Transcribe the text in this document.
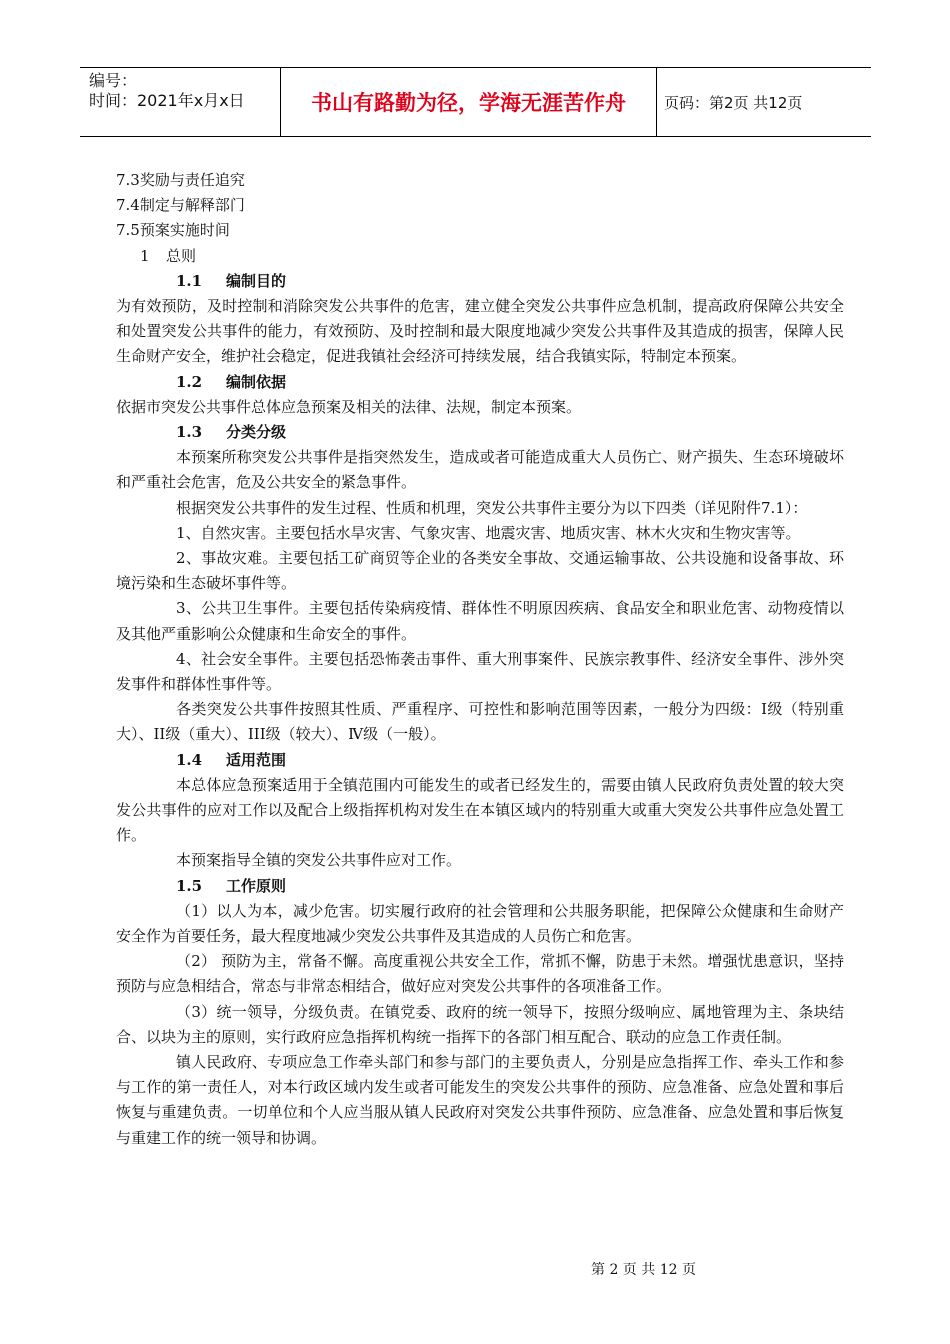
编号：
时间：2021年x月x日	书山有路勤为径，学海无涯苦作舟	页码：第2页 共12页
7.3奖励与责任追究
7.4制定与解释部门
7.5预案实施时间
1 总则
1.1 编制目的
为有效预防，及时控制和消除突发公共事件的危害，建立健全突发公共事件应急机制，提高政府保障公共安全和处置突发公共事件的能力，有效预防、及时控制和最大限度地减少突发公共事件及其造成的损害，保障人民生命财产安全，维护社会稳定，促进我镇社会经济可持续发展，结合我镇实际，特制定本预案。
1.2 编制依据
依据市突发公共事件总体应急预案及相关的法律、法规，制定本预案。
1.3 分类分级
本预案所称突发公共事件是指突然发生，造成或者可能造成重大人员伤亡、财产损失、生态环境破坏和严重社会危害，危及公共安全的紧急事件。
根据突发公共事件的发生过程、性质和机理，突发公共事件主要分为以下四类（详见附件7.1）：
1、自然灾害。主要包括水旱灾害、气象灾害、地震灾害、地质灾害、林木火灾和生物灾害等。
2、事故灾难。主要包括工矿商贸等企业的各类安全事故、交通运输事故、公共设施和设备事故、环境污染和生态破坏事件等。
3、公共卫生事件。主要包括传染病疫情、群体性不明原因疾病、食品安全和职业危害、动物疫情以及其他严重影响公众健康和生命安全的事件。
4、社会安全事件。主要包括恐怖袭击事件、重大刑事案件、民族宗教事件、经济安全事件、涉外突发事件和群体性事件等。
各类突发公共事件按照其性质、严重程序、可控性和影响范围等因素，一般分为四级：Ⅰ级（特别重大）、II级（重大）、III级（较大）、Ⅳ级（一般）。
1.4 适用范围
本总体应急预案适用于全镇范围内可能发生的或者已经发生的，需要由镇人民政府负责处置的较大突发公共事件的应对工作以及配合上级指挥机构对发生在本镇区域内的特别重大或重大突发公共事件应急处置工作。
本预案指导全镇的突发公共事件应对工作。
1.5 工作原则
（1）以人为本，减少危害。切实履行政府的社会管理和公共服务职能，把保障公众健康和生命财产安全作为首要任务，最大程度地减少突发公共事件及其造成的人员伤亡和危害。
（2） 预防为主，常备不懈。高度重视公共安全工作，常抓不懈，防患于未然。增强忧患意识，坚持预防与应急相结合，常态与非常态相结合，做好应对突发公共事件的各项准备工作。
（3）统一领导，分级负责。在镇党委、政府的统一领导下，按照分级响应、属地管理为主、条块结合、以块为主的原则，实行政府应急指挥机构统一指挥下的各部门相互配合、联动的应急工作责任制。
镇人民政府、专项应急工作牵头部门和参与部门的主要负责人，分别是应急指挥工作、牵头工作和参与工作的第一责任人，对本行政区域内发生或者可能发生的突发公共事件的预防、应急准备、应急处置和事后恢复与重建负责。一切单位和个人应当服从镇人民政府对突发公共事件预防、应急准备、应急处置和事后恢复与重建工作的统一领导和协调。
第 2 页 共 12 页
